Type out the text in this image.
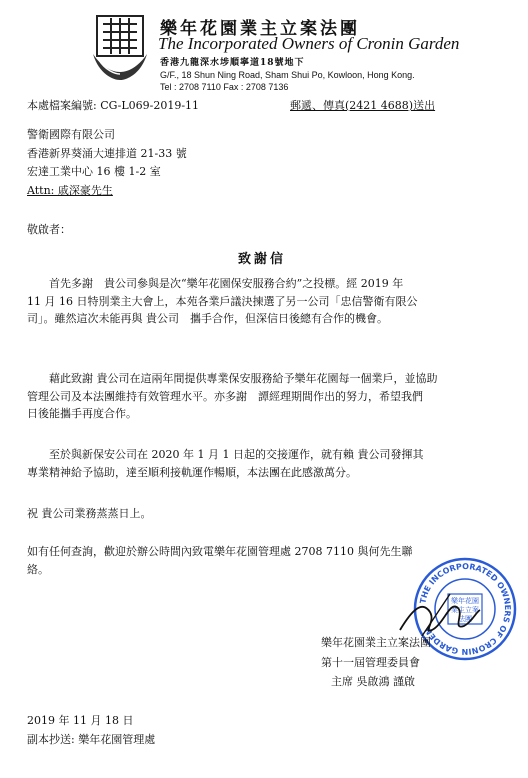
樂年花園業主立案法團
The Incorporated Owners of Cronin Garden
香港九龍深水埗順寧道18號地下
G/F., 18 Shun Ning Road, Sham Shui Po, Kowloon, Hong Kong.
Tel : 2708 7110 Fax : 2708 7136
本處檔案編號: CG-L069-2019-11	郵遞、傳真(2421 4688)送出
警衛國際有限公司
香港新界葵涌大連排道 21-33 號
宏達工業中心 16 樓 1-2 室
Attn: 戚深豪先生
敬啟者：
致謝信
首先多謝　貴公司參與是次“樂年花園保安服務合約”之投標。經 2019 年
11 月 16 日特別業主大會上，本苑各業戶議決揀選了另一公司「忠信警衛有限公
司」。雖然這次未能再與 貴公司　攜手合作，但深信日後總有合作的機會。
藉此致謝 貴公司在這兩年間提供專業保安服務給予樂年花園每一個業戶，並協助
管理公司及本法團維持有效管理水平。亦多謝　譚經理期間作出的努力，希望我們
日後能攜手再度合作。
至於與新保安公司在 2020 年 1 月 1 日起的交接運作，就有賴 貴公司發揮其
專業精神給予協助，達至順利接軌運作暢順，本法團在此感激萬分。
祝 貴公司業務蒸蒸日上。
如有任何查詢，歡迎於辦公時間內致電樂年花園管理處 2708 7110 與何先生聯
絡。
THE INCORPORATED OWNERS OF CRONIN GARDEN
樂年花園業主立案法團
樂年花園業主立案法團
第十一屆管理委員會
主席 吳啟鴻 謹啟
2019 年 11 月 18 日
副本抄送: 樂年花園管理處
